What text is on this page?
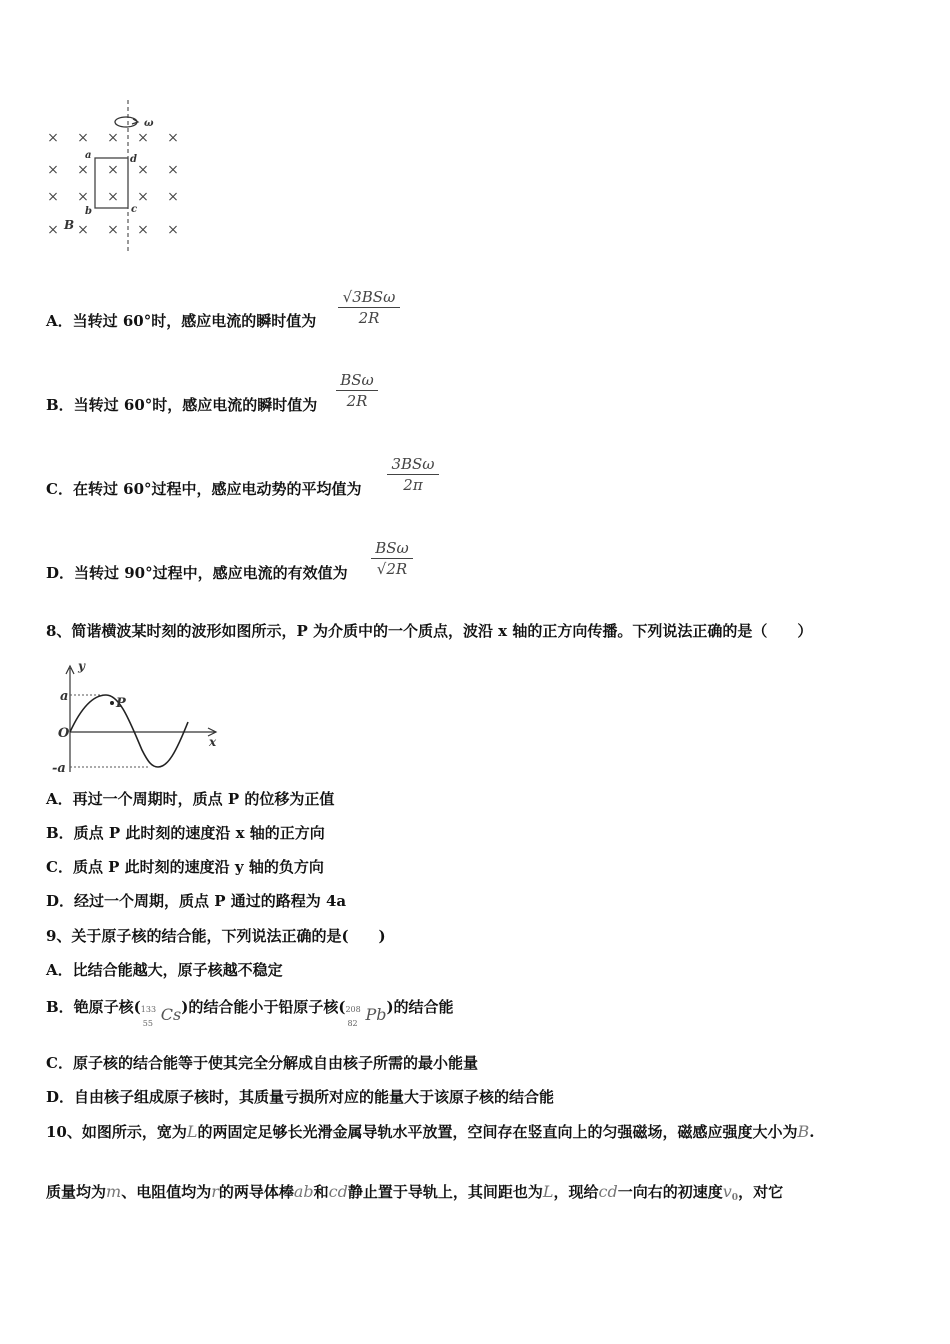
× × × × ×
× × × × ×
× × × × ×
× × × × ×
ω
a
b	c
d
B
A．当转过 60°时，感应电流的瞬时值为
√3BSω
2R
B．当转过 60°时，感应电流的瞬时值为
BSω
2R
C．在转过 60°过程中，感应电动势的平均值为
3BSω
2π
D．当转过 90°过程中，感应电流的有效值为
BSω
√2R
8、简谐横波某时刻的波形如图所示，P 为介质中的一个质点，波沿 x 轴的正方向传播。下列说法正确的是（　　）
y
x
O
a
-a
P
A．再过一个周期时，质点 P 的位移为正值
B．质点 P 此时刻的速度沿 x 轴的正方向
C．质点 P 此时刻的速度沿 y 轴的负方向
D．经过一个周期，质点 P 通过的路程为 4a
9、关于原子核的结合能，下列说法正确的是(　　)
A．比结合能越大，原子核越不稳定
B．铯原子核( 133
55 Cs)的结合能小于铅原子核( 208
82 Pb)的结合能
C．原子核的结合能等于使其完全分解成自由核子所需的最小能量
D．自由核子组成原子核时，其质量亏损所对应的能量大于该原子核的结合能
10、如图所示，宽为L的两固定足够长光滑金属导轨水平放置，空间存在竖直向上的匀强磁场，磁感应强度大小为B.
质量均为m、电阻值均为r的两导体棒ab和cd静止置于导轨上，其间距也为L，现给cd一向右的初速度$v_0$，对它
